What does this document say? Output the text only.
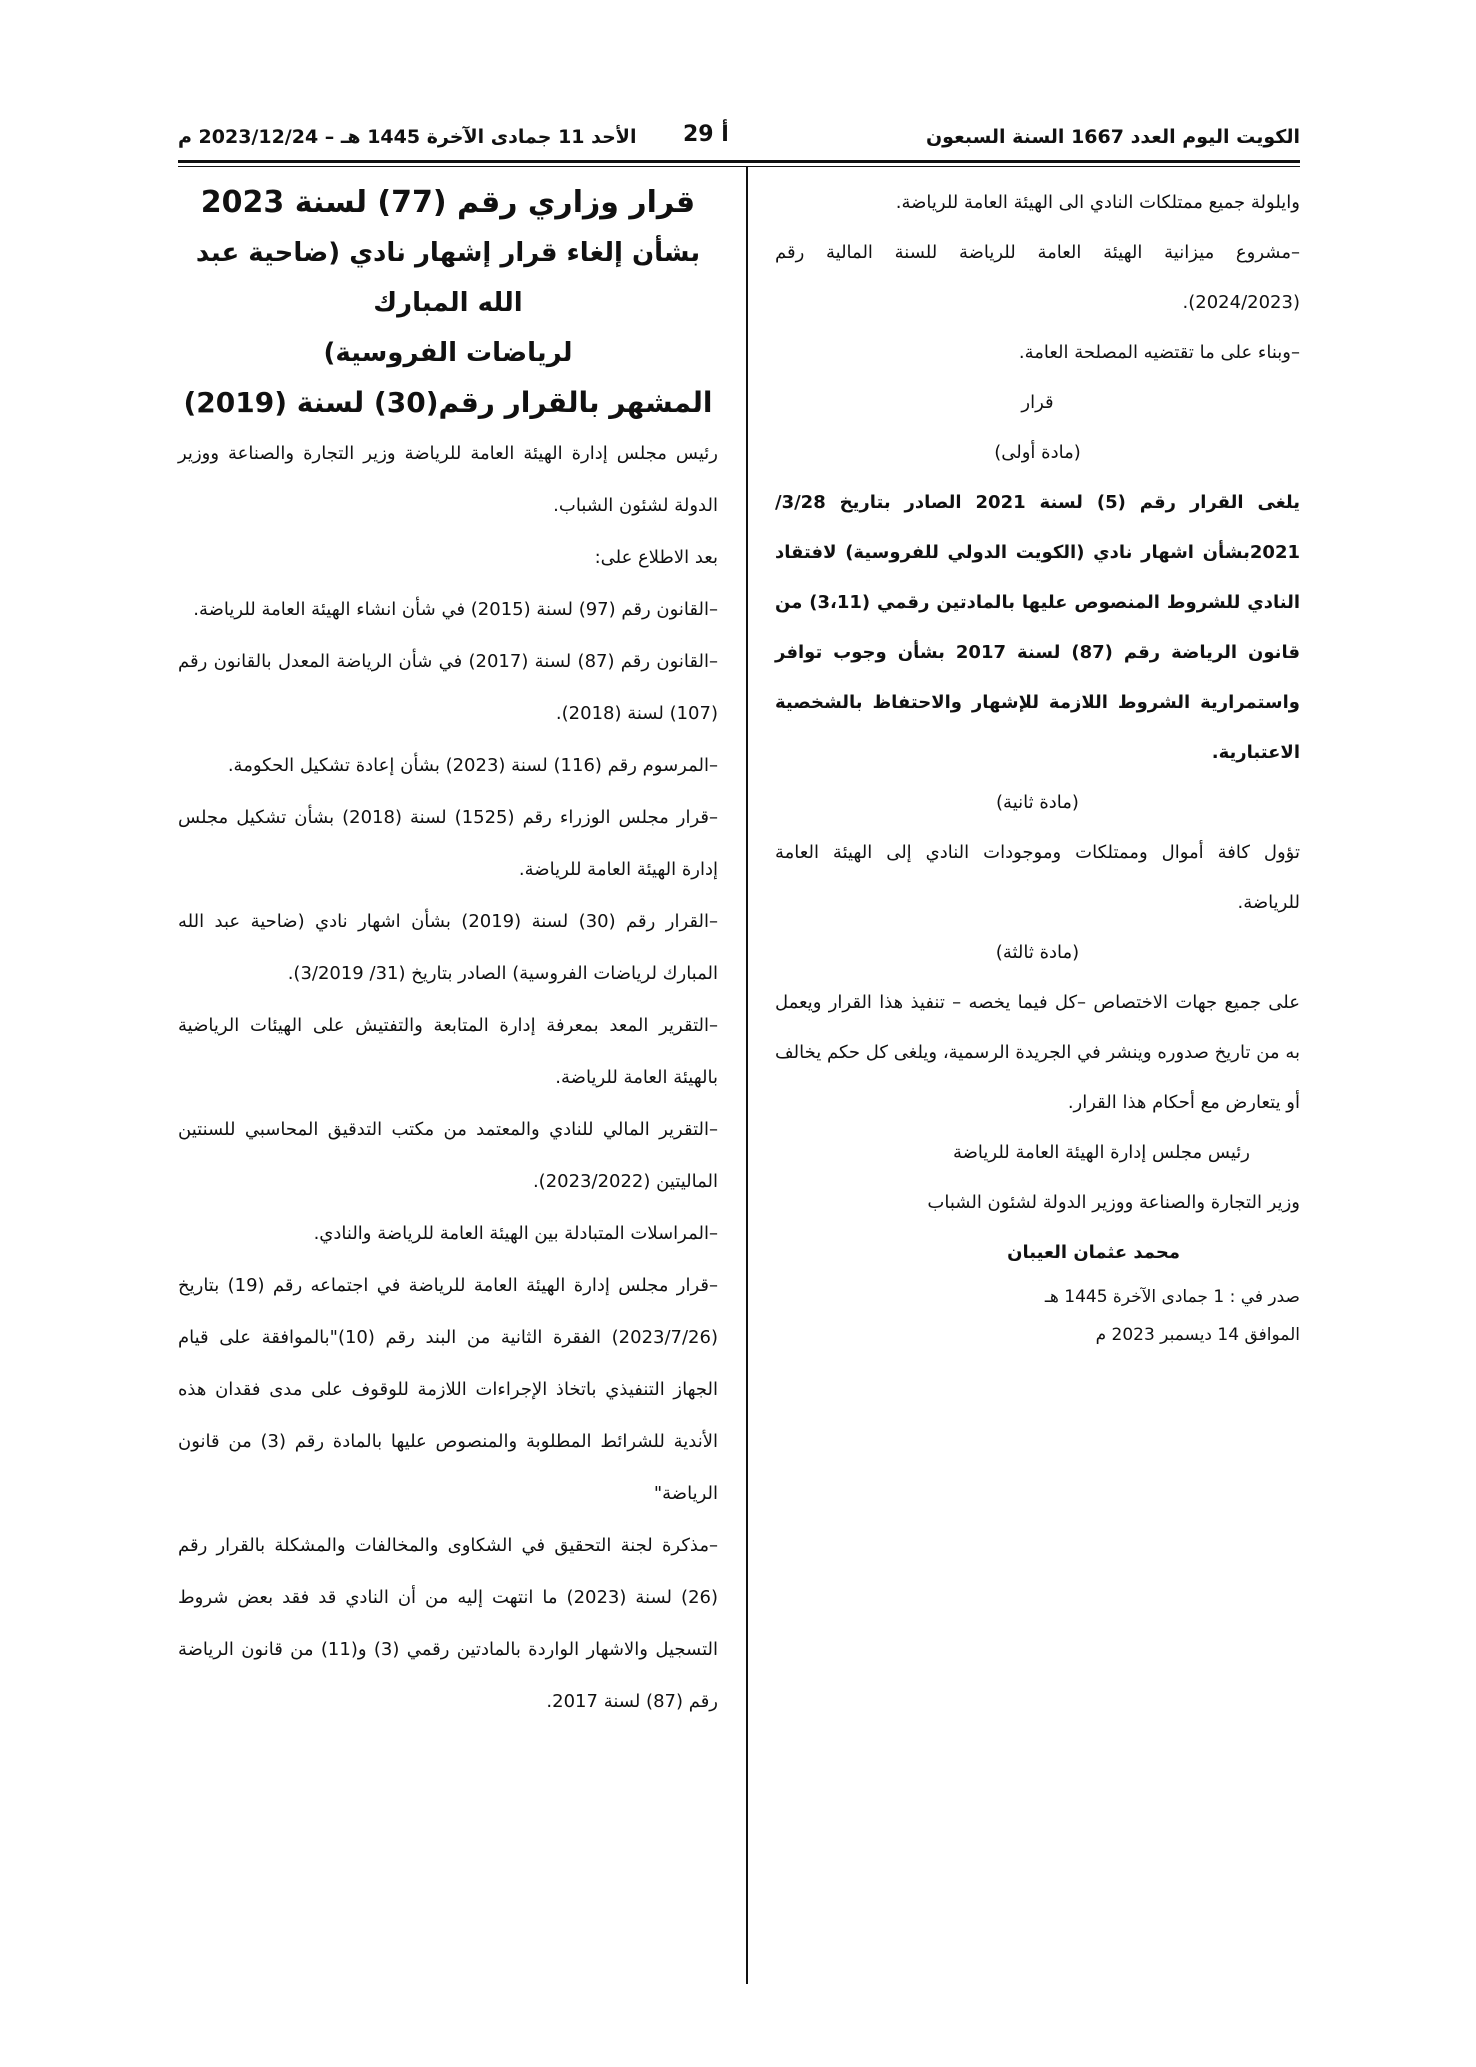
الكويت اليوم العدد 1667 السنة السبعون
أ 29
الأحد 11 جمادى الآخرة 1445 هـ – 2023/12/24 م

وايلولة جميع ممتلكات النادي الى الهيئة العامة للرياضة.

–مشروع ميزانية الهيئة العامة للرياضة للسنة المالية رقم (2024/2023).

–وبناء على ما تقتضيه المصلحة العامة.

قرار

(مادة أولى)

يلغى القرار رقم (5) لسنة 2021 الصادر بتاريخ 3/28/ 2021بشأن اشهار نادي (الكويت الدولي للفروسية) لافتقاد النادي للشروط المنصوص عليها بالمادتين رقمي (3،11) من قانون الرياضة رقم (87) لسنة 2017 بشأن وجوب توافر واستمرارية الشروط اللازمة للإشهار والاحتفاظ بالشخصية الاعتبارية.

(مادة ثانية)

تؤول كافة أموال وممتلكات وموجودات النادي إلى الهيئة العامة للرياضة.

(مادة ثالثة)

على جميع جهات الاختصاص –كل فيما يخصه – تنفيذ هذا القرار ويعمل به من تاريخ صدوره وينشر في الجريدة الرسمية، ويلغى كل حكم يخالف أو يتعارض مع أحكام هذا القرار.

رئيس مجلس إدارة الهيئة العامة للرياضة

وزير التجارة والصناعة ووزير الدولة لشئون الشباب

محمد عثمان العيبان

صدر في : 1 جمادى الآخرة 1445 هـ

الموافق 14 ديسمبر 2023 م

قرار وزاري رقم (77) لسنة 2023

بشأن إلغاء قرار إشهار نادي (ضاحية عبد الله المبارك

لرياضات الفروسية)

المشهر بالقرار رقم(30) لسنة (2019)

رئيس مجلس إدارة الهيئة العامة للرياضة وزير التجارة والصناعة ووزير الدولة لشئون الشباب.

بعد الاطلاع على:

–القانون رقم (97) لسنة (2015) في شأن انشاء الهيئة العامة للرياضة.

–القانون رقم (87) لسنة (2017) في شأن الرياضة المعدل بالقانون رقم (107) لسنة (2018).

–المرسوم رقم (116) لسنة (2023) بشأن إعادة تشكيل الحكومة.

–قرار مجلس الوزراء رقم (1525) لسنة (2018) بشأن تشكيل مجلس إدارة الهيئة العامة للرياضة.

–القرار رقم (30) لسنة (2019) بشأن اشهار نادي (ضاحية عبد الله المبارك لرياضات الفروسية) الصادر بتاريخ (31/ 3/2019).

–التقرير المعد بمعرفة إدارة المتابعة والتفتيش على الهيئات الرياضية بالهيئة العامة للرياضة.

–التقرير المالي للنادي والمعتمد من مكتب التدقيق المحاسبي للسنتين الماليتين (2023/2022).

–المراسلات المتبادلة بين الهيئة العامة للرياضة والنادي.

–قرار مجلس إدارة الهيئة العامة للرياضة في اجتماعه رقم (19) بتاريخ (2023/7/26) الفقرة الثانية من البند رقم (10)"بالموافقة على قيام الجهاز التنفيذي باتخاذ الإجراءات اللازمة للوقوف على مدى فقدان هذه الأندية للشرائط المطلوبة والمنصوص عليها بالمادة رقم (3) من قانون الرياضة"

–مذكرة لجنة التحقيق في الشكاوى والمخالفات والمشكلة بالقرار رقم (26) لسنة (2023) ما انتهت إليه من أن النادي قد فقد بعض شروط التسجيل والاشهار الواردة بالمادتين رقمي (3) و(11) من قانون الرياضة رقم (87) لسنة 2017.
